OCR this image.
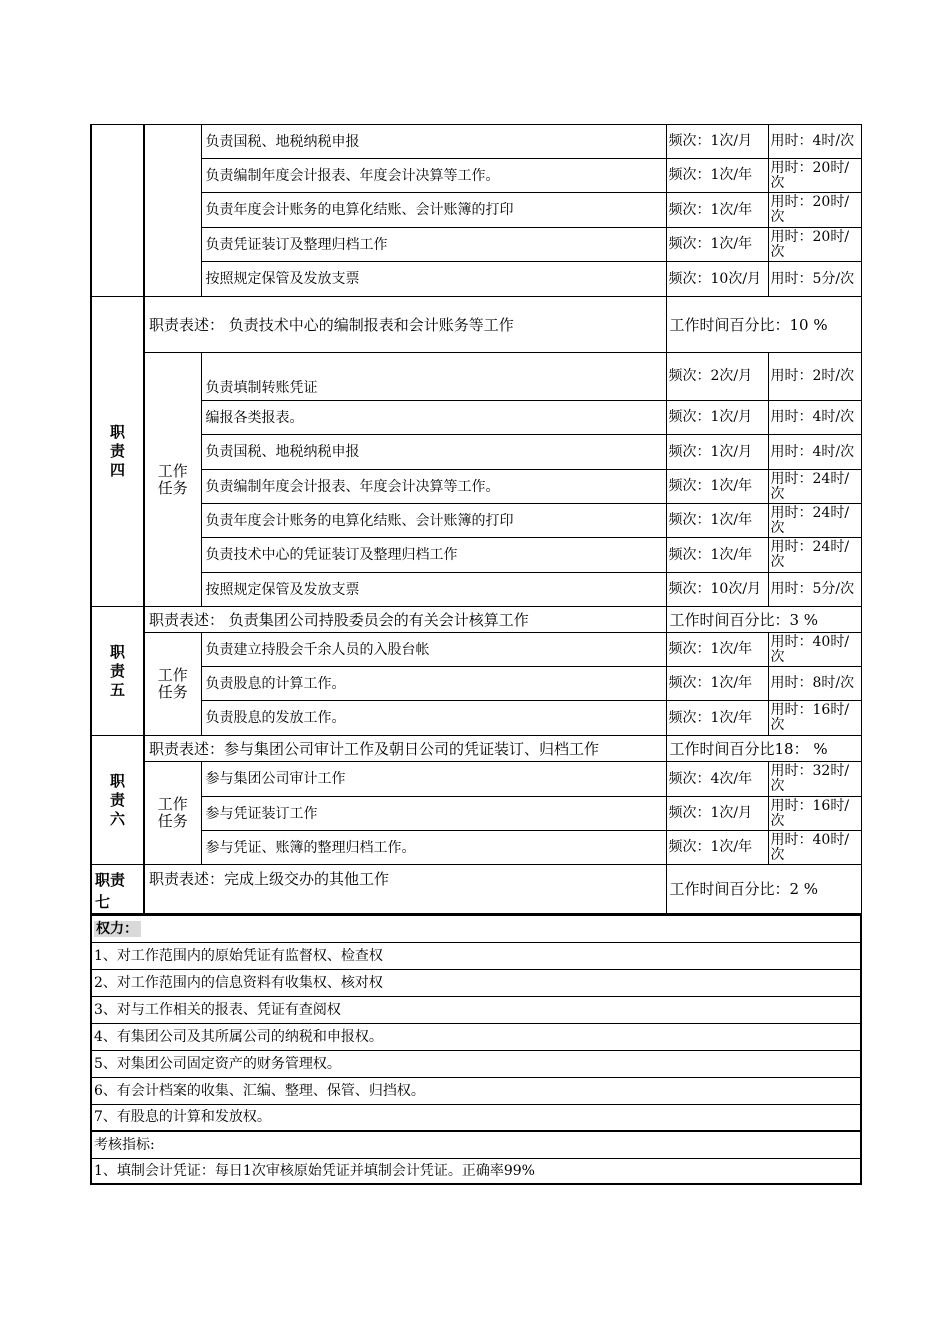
		负责国税、地税纳税申报	频次：1次/月	用时：4时/次
		负责编制年度会计报表、年度会计决算等工作。	频次：1次/年	用时：20时/次
		负责年度会计账务的电算化结账、会计账簿的打印	频次：1次/年	用时：20时/次
		负责凭证装订及整理归档工作	频次：1次/年	用时：20时/次
		按照规定保管及发放支票	频次：10次/月	用时：5分/次
职责四	职责表述： 负责技术中心的编制报表和会计账务等工作		工作时间百分比：10 %	
	工作任务	负责填制转账凭证	频次：2次/月	用时：2时/次
		编报各类报表。	频次：1次/月	用时：4时/次
		负责国税、地税纳税申报	频次：1次/月	用时：4时/次
		负责编制年度会计报表、年度会计决算等工作。	频次：1次/年	用时：24时/次
		负责年度会计账务的电算化结账、会计账簿的打印	频次：1次/年	用时：24时/次
		负责技术中心的凭证装订及整理归档工作	频次：1次/年	用时：24时/次
		按照规定保管及发放支票	频次：10次/月	用时：5分/次
职责五	职责表述： 负责集团公司持股委员会的有关会计核算工作		工作时间百分比：3 %	
	工作任务	负责建立持股会千余人员的入股台帐	频次：1次/年	用时：40时/次
		负责股息的计算工作。	频次：1次/年	用时：8时/次
		负责股息的发放工作。	频次：1次/年	用时：16时/次
职责六	职责表述：参与集团公司审计工作及朝日公司的凭证装订、归档工作		工作时间百分比18： %	
	工作任务	参与集团公司审计工作	频次：4次/年	用时：32时/次
		参与凭证装订工作	频次：1次/月	用时：16时/次
		参与凭证、账簿的整理归档工作。	频次：1次/年	用时：40时/次
职责七	职责表述：完成上级交办的其他工作		工作时间百分比：2 %	
权力：
1、对工作范围内的原始凭证有监督权、检查权
2、对工作范围内的信息资料有收集权、核对权
3、对与工作相关的报表、凭证有查阅权
4、有集团公司及其所属公司的纳税和申报权。
5、对集团公司固定资产的财务管理权。
6、有会计档案的收集、汇编、整理、保管、归挡权。
7、有股息的计算和发放权。
考核指标:
1、填制会计凭证：每日1次审核原始凭证并填制会计凭证。正确率99%
